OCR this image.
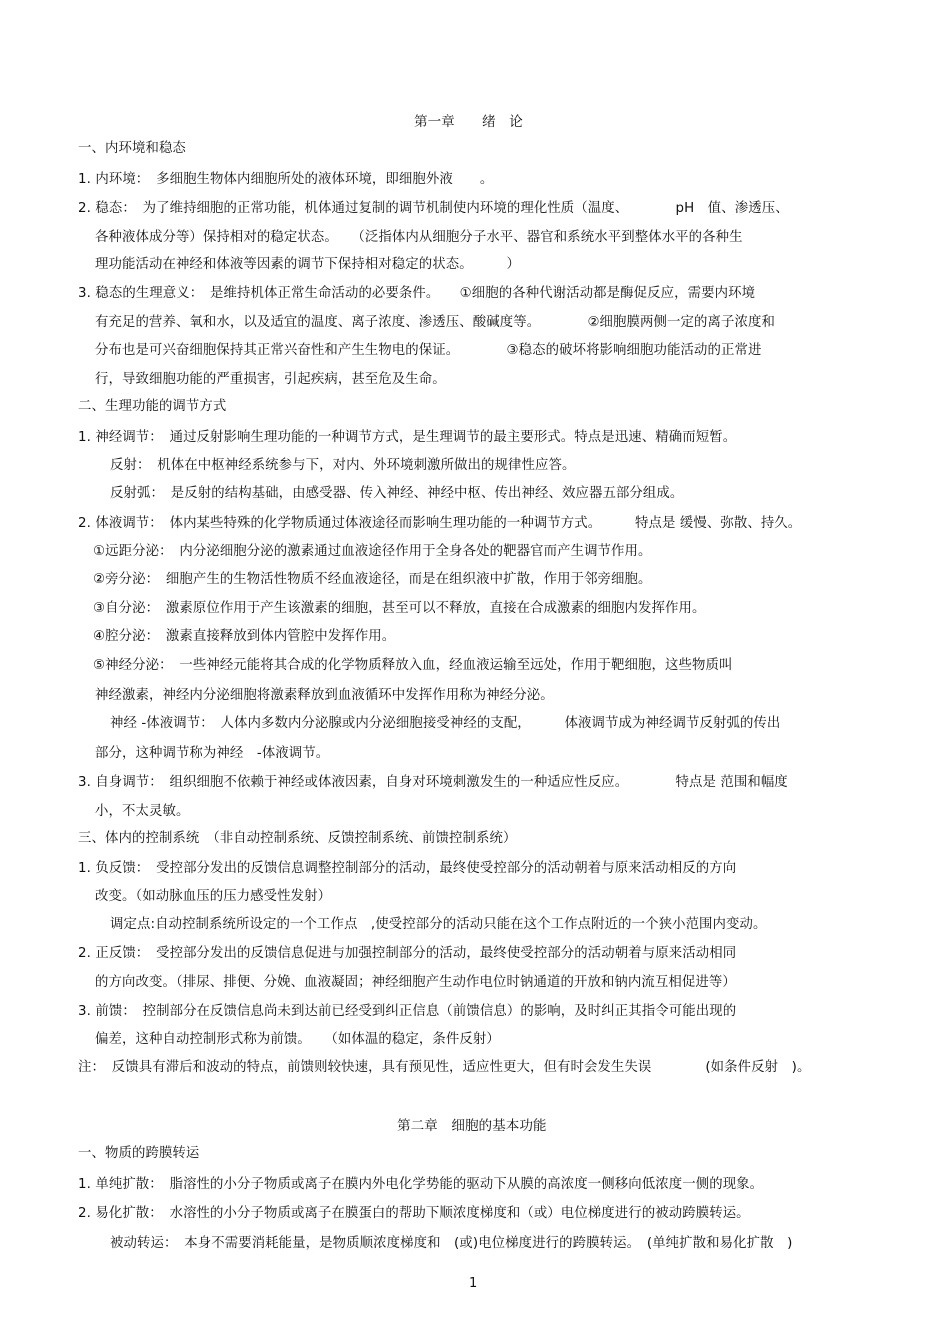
第一章　　绪　论
一、内环境和稳态
1. 内环境：　多细胞生物体内细胞所处的液体环境，即细胞外液　　。
2. 稳态：　为了维持细胞的正常功能，机体通过复制的调节机制使内环境的理化性质（温度、　　　　pH　值、渗透压、
各种液体成分等）保持相对的稳定状态。　　（泛指体内从细胞分子水平、器官和系统水平到整体水平的各种生
理功能活动在神经和体液等因素的调节下保持相对稳定的状态。　　　）
3. 稳态的生理意义：　是维持机体正常生命活动的必要条件。　　①细胞的各种代谢活动都是酶促反应，需要内环境
有充足的营养、氧和水，以及适宜的温度、离子浓度、渗透压、酸碱度等。　　　　②细胞膜两侧一定的离子浓度和
分布也是可兴奋细胞保持其正常兴奋性和产生生物电的保证。　　　　③稳态的破坏将影响细胞功能活动的正常进
行，导致细胞功能的严重损害，引起疾病，甚至危及生命。
二、生理功能的调节方式
1. 神经调节：　通过反射影响生理功能的一种调节方式，是生理调节的最主要形式。特点是迅速、精确而短暂。
反射：　机体在中枢神经系统参与下，对内、外环境刺激所做出的规律性应答。
反射弧：　是反射的结构基础，由感受器、传入神经、神经中枢、传出神经、效应器五部分组成。
2. 体液调节：　体内某些特殊的化学物质通过体液途径而影响生理功能的一种调节方式。　　　特点是 缓慢、弥散、持久。
①远距分泌：　内分泌细胞分泌的激素通过血液途径作用于全身各处的靶器官而产生调节作用。
②旁分泌：　细胞产生的生物活性物质不经血液途径，而是在组织液中扩散，作用于邻旁细胞。
③自分泌：　激素原位作用于产生该激素的细胞，甚至可以不释放，直接在合成激素的细胞内发挥作用。
④腔分泌：　激素直接释放到体内管腔中发挥作用。
⑤神经分泌：　一些神经元能将其合成的化学物质释放入血，经血液运输至远处，作用于靶细胞，这些物质叫
神经激素，神经内分泌细胞将激素释放到血液循环中发挥作用称为神经分泌。
神经 -体液调节：　人体内多数内分泌腺或内分泌细胞接受神经的支配，　　　体液调节成为神经调节反射弧的传出
部分，这种调节称为神经　-体液调节。
3. 自身调节：　组织细胞不依赖于神经或体液因素，自身对环境刺激发生的一种适应性反应。　　　　特点是 范围和幅度
小，不太灵敏。
三、体内的控制系统　（非自动控制系统、反馈控制系统、前馈控制系统）
1. 负反馈：　受控部分发出的反馈信息调整控制部分的活动，最终使受控部分的活动朝着与原来活动相反的方向
改变。（如动脉血压的压力感受性发射）
调定点:自动控制系统所设定的一个工作点　,使受控部分的活动只能在这个工作点附近的一个狭小范围内变动。
2. 正反馈：　受控部分发出的反馈信息促进与加强控制部分的活动，最终使受控部分的活动朝着与原来活动相同
的方向改变。（排尿、排便、分娩、血液凝固；神经细胞产生动作电位时钠通道的开放和钠内流互相促进等）
3. 前馈：　控制部分在反馈信息尚未到达前已经受到纠正信息（前馈信息）的影响，及时纠正其指令可能出现的
偏差，这种自动控制形式称为前馈。　　（如体温的稳定，条件反射）
注：　反馈具有滞后和波动的特点，前馈则较快速，具有预见性，适应性更大，但有时会发生失误　　　　(如条件反射　)。
第二章　细胞的基本功能
一、物质的跨膜转运
1. 单纯扩散：　脂溶性的小分子物质或离子在膜内外电化学势能的驱动下从膜的高浓度一侧移向低浓度一侧的现象。
2. 易化扩散：　水溶性的小分子物质或离子在膜蛋白的帮助下顺浓度梯度和（或）电位梯度进行的被动跨膜转运。
被动转运：　本身不需要消耗能量，是物质顺浓度梯度和　(或)电位梯度进行的跨膜转运。　(单纯扩散和易化扩散　)
1
